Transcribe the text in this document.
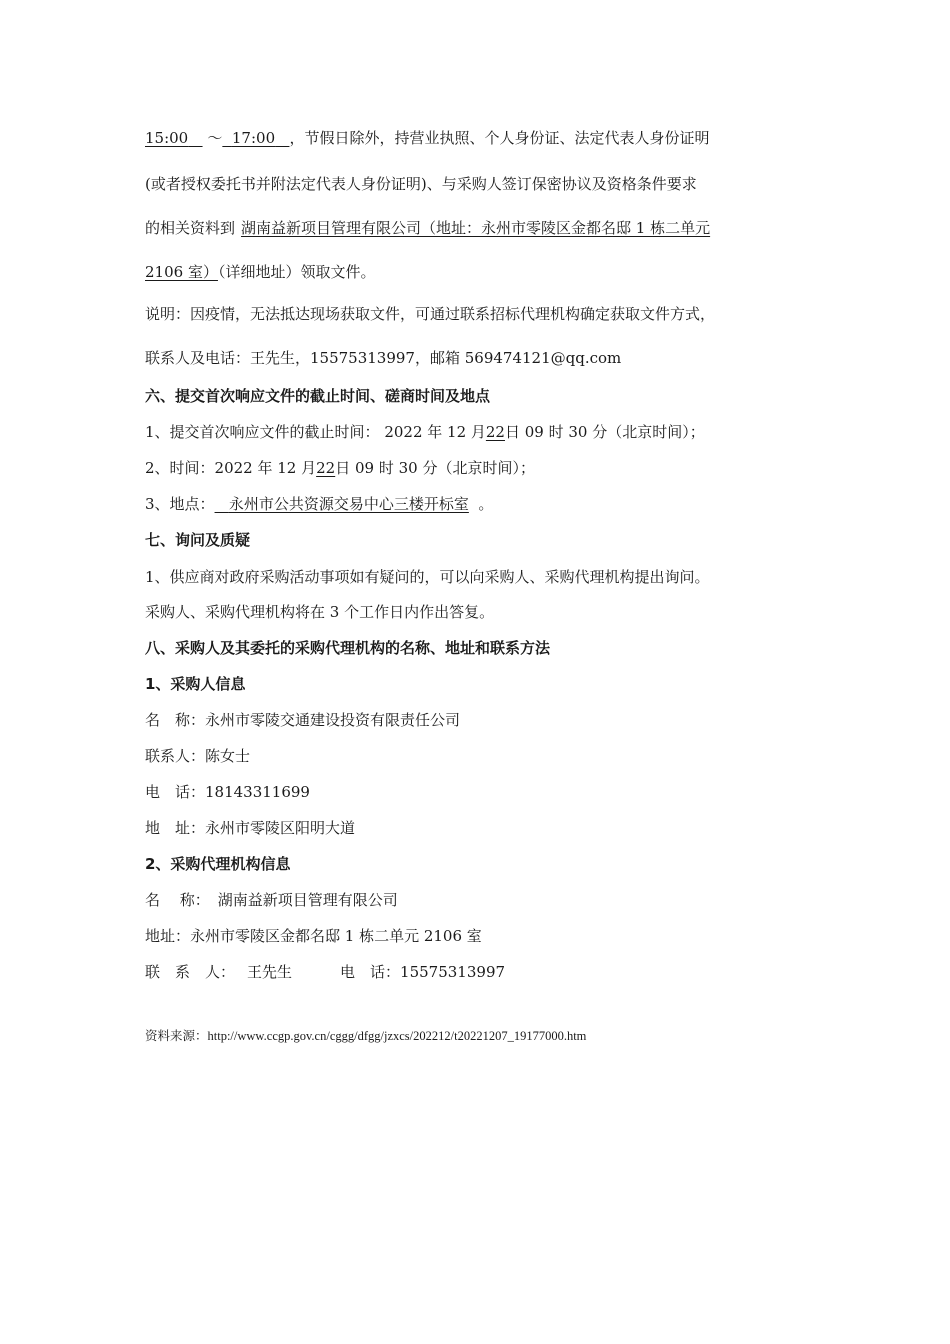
15:00 ～ 17:00 ，节假日除外，持营业执照、个人身份证、法定代表人身份证明
(或者授权委托书并附法定代表人身份证明)、与采购人签订保密协议及资格条件要求
的相关资料到 湖南益新项目管理有限公司（地址：永州市零陵区金都名邸 1 栋二单元
2106 室）（详细地址）领取文件。
说明：因疫情，无法抵达现场获取文件，可通过联系招标代理机构确定获取文件方式，
联系人及电话：王先生，15575313997，邮箱 569474121@qq.com
六、提交首次响应文件的截止时间、磋商时间及地点
1、提交首次响应文件的截止时间： 2022 年 12 月22日 09 时 30 分（北京时间）；
2、时间：2022 年 12 月22日 09 时 30 分（北京时间）；
3、地点： 永州市公共资源交易中心三楼开标室 。
七、询问及质疑
1、供应商对政府采购活动事项如有疑问的，可以向采购人、采购代理机构提出询问。
采购人、采购代理机构将在 3 个工作日内作出答复。
八、采购人及其委托的采购代理机构的名称、地址和联系方法
1、采购人信息
名　称：永州市零陵交通建设投资有限责任公司
联系人：陈女士
电　话：18143311699
地　址：永州市零陵区阳明大道
2、采购代理机构信息
名　 称： 湖南益新项目管理有限公司
地址：永州市零陵区金都名邸 1 栋二单元 2106 室
联　系　人： 王先生	电　话：15575313997
资料来源：http://www.ccgp.gov.cn/cggg/dfgg/jzxcs/202212/t20221207_19177000.htm
